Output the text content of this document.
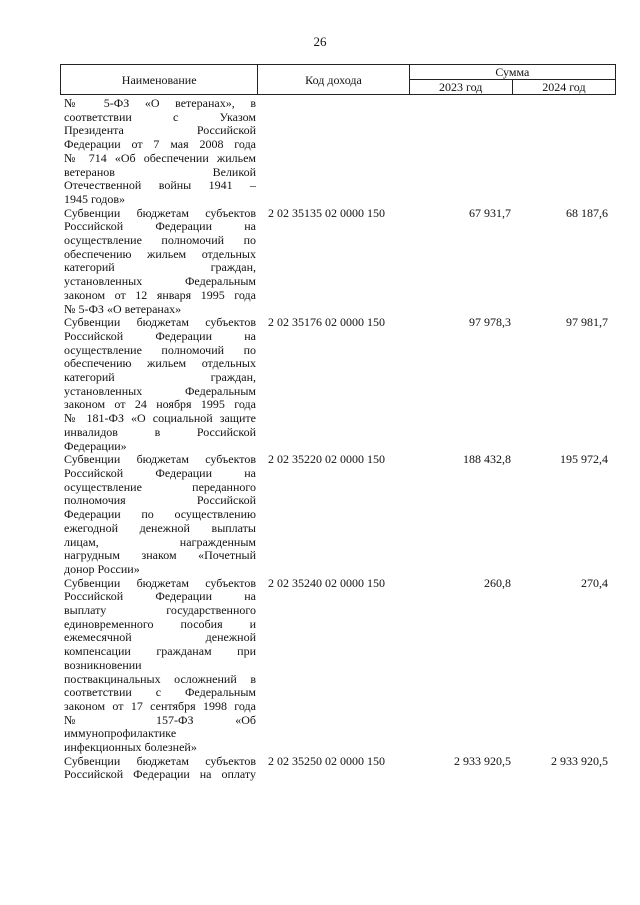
26
Наименование	Код дохода	Сумма	
		2023 год	2024 год
№ 5-ФЗ «О ветеранах», в
соответствии с Указом
Президента Российской
Федерации от 7 мая 2008 года
№ 714 «Об обеспечении жильем
ветеранов Великой
Отечественной войны 1941 –
1945 годов»
Субвенции бюджетам субъектов
Российской Федерации на
осуществление полномочий по
обеспечению жильем отдельных
категорий граждан,
установленных Федеральным
законом от 12 января 1995 года
№ 5-ФЗ «О ветеранах»
2 02 35135 02 0000 150	67 931,7	68 187,6
Субвенции бюджетам субъектов
Российской Федерации на
осуществление полномочий по
обеспечению жильем отдельных
категорий граждан,
установленных Федеральным
законом от 24 ноября 1995 года
№ 181-ФЗ «О социальной защите
инвалидов в Российской
Федерации»
2 02 35176 02 0000 150	97 978,3	97 981,7
Субвенции бюджетам субъектов
Российской Федерации на
осуществление переданного
полномочия Российской
Федерации по осуществлению
ежегодной денежной выплаты
лицам, награжденным
нагрудным знаком «Почетный
донор России»
2 02 35220 02 0000 150	188 432,8	195 972,4
Субвенции бюджетам субъектов
Российской Федерации на
выплату государственного
единовременного пособия и
ежемесячной денежной
компенсации гражданам при
возникновении
поствакцинальных осложнений в
соответствии с Федеральным
законом от 17 сентября 1998 года
№ 157-ФЗ «Об
иммунопрофилактике
инфекционных болезней»
2 02 35240 02 0000 150	260,8	270,4
Субвенции бюджетам субъектов
Российской Федерации на оплату
2 02 35250 02 0000 150	2 933 920,5	2 933 920,5
